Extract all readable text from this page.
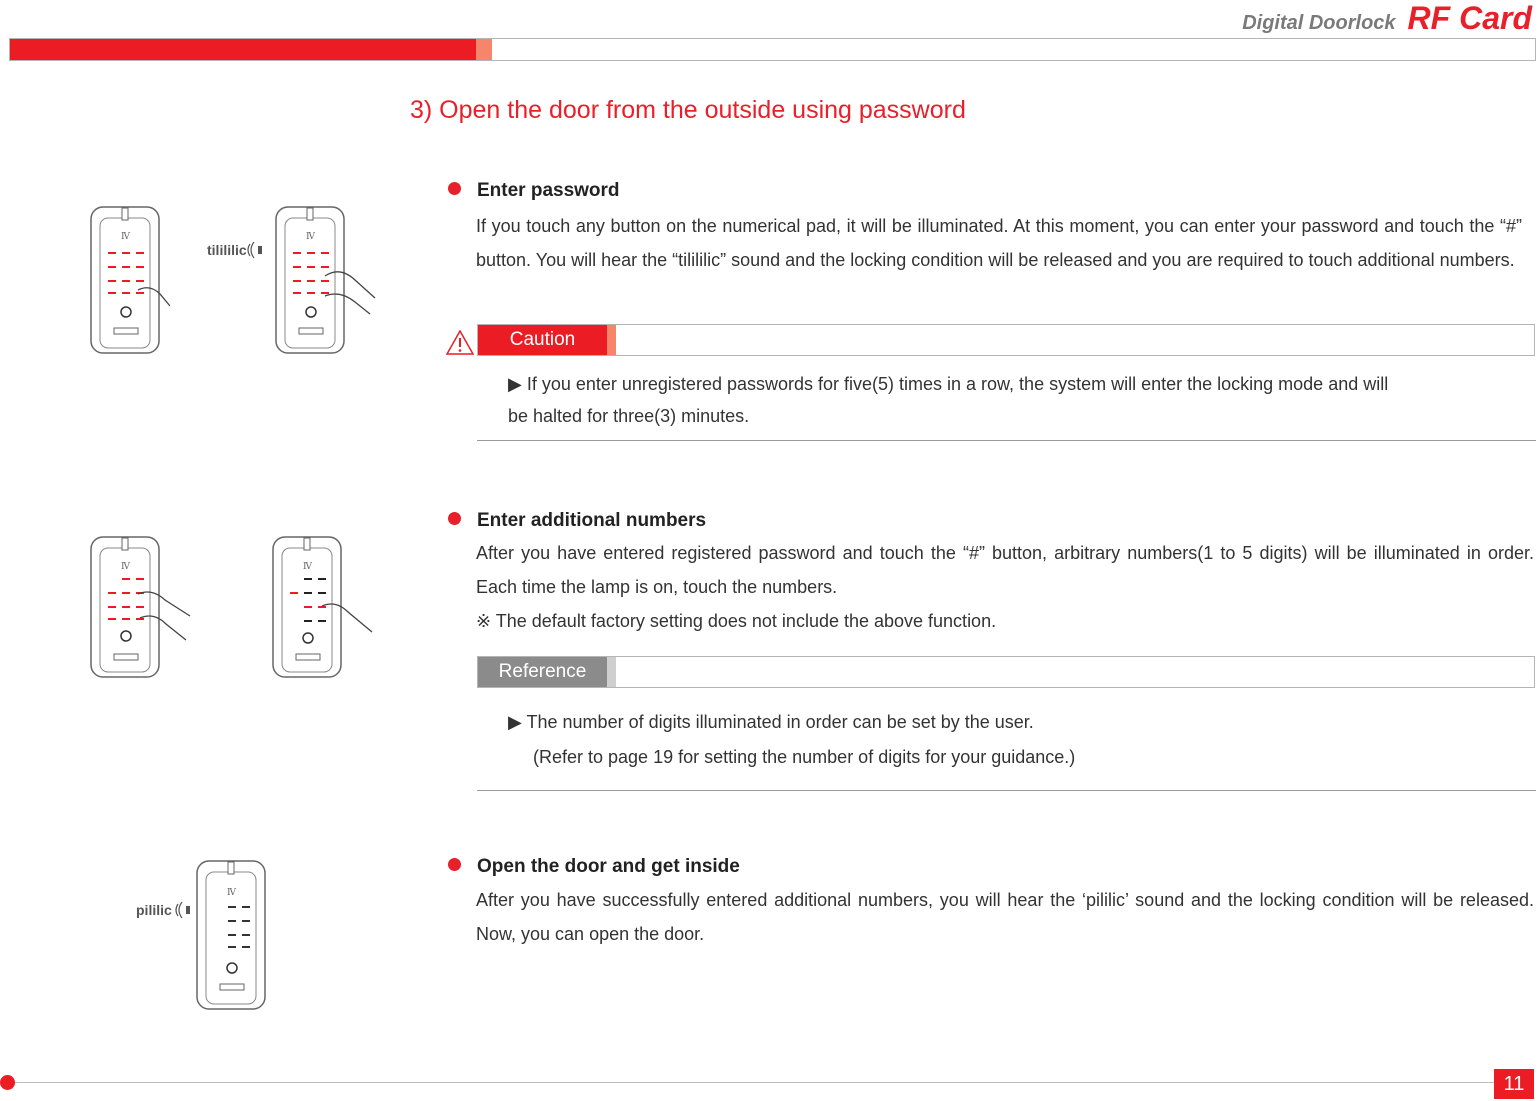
Digital Doorlock RF Card
3) Open the door from the outside using password
Enter password
If you touch any button on the numerical pad, it will be illuminated. At this moment, you can enter your password and touch the “#” button. You will hear the “tilililic” sound and the locking condition will be released and you are required to touch additional numbers.
Caution
▶ If you enter unregistered passwords for five(5) times in a row, the system will enter the locking mode and will
be halted for three(3) minutes.
Enter additional numbers
After you have entered registered password and touch the “#” button, arbitrary numbers(1 to 5 digits) will be illuminated in order. Each time the lamp is on, touch the numbers.
※ The default factory setting does not include the above function.
Reference
▶ The number of digits illuminated in order can be set by the user.
(Refer to page 19 for setting the number of digits for your guidance.)
Open the door and get inside
After you have successfully entered additional numbers, you will hear the ‘pililic’ sound and the locking condition will be released. Now, you can open the door.
Ⅳ
tilililic
Ⅳ
Ⅳ	Ⅳ
pililic
Ⅳ
11
